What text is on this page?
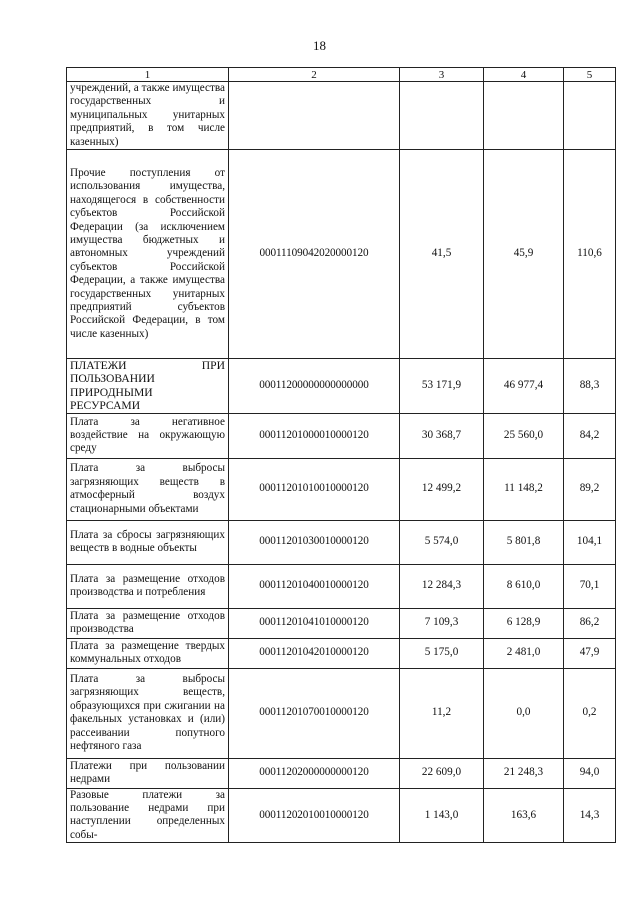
18
1	2	3	4	5
учреждений, а также имущества государственных и муниципальных унитарных предприятий, в том числе казенных)				
Прочие поступления от использования имущества, находящегося в собственности субъектов Российской Федерации (за исключением имущества бюджетных и автономных учреждений субъектов Российской Федерации, а также имущества государственных унитарных предприятий субъектов Российской Федерации, в том числе казенных)	00011109042020000120	41,5	45,9	110,6
ПЛАТЕЖИ ПРИ ПОЛЬЗОВАНИИ ПРИРОДНЫМИ РЕСУРСАМИ	00011200000000000000	53 171,9	46 977,4	88,3
Плата за негативное воздействие на окружающую среду	00011201000010000120	30 368,7	25 560,0	84,2
Плата за выбросы загрязняющих веществ в атмосферный воздух стационарными объектами	00011201010010000120	12 499,2	11 148,2	89,2
Плата за сбросы загрязняющих веществ в водные объекты	00011201030010000120	5 574,0	5 801,8	104,1
Плата за размещение отходов производства и потребления	00011201040010000120	12 284,3	8 610,0	70,1
Плата за размещение отходов производства	00011201041010000120	7 109,3	6 128,9	86,2
Плата за размещение твердых коммунальных отходов	00011201042010000120	5 175,0	2 481,0	47,9
Плата за выбросы загрязняющих веществ, образующихся при сжигании на факельных установках и (или) рассеивании попутного нефтяного газа	00011201070010000120	11,2	0,0	0,2
Платежи при пользовании недрами	00011202000000000120	22 609,0	21 248,3	94,0
Разовые платежи за пользование недрами при наступлении определенных собы-	00011202010010000120	1 143,0	163,6	14,3
